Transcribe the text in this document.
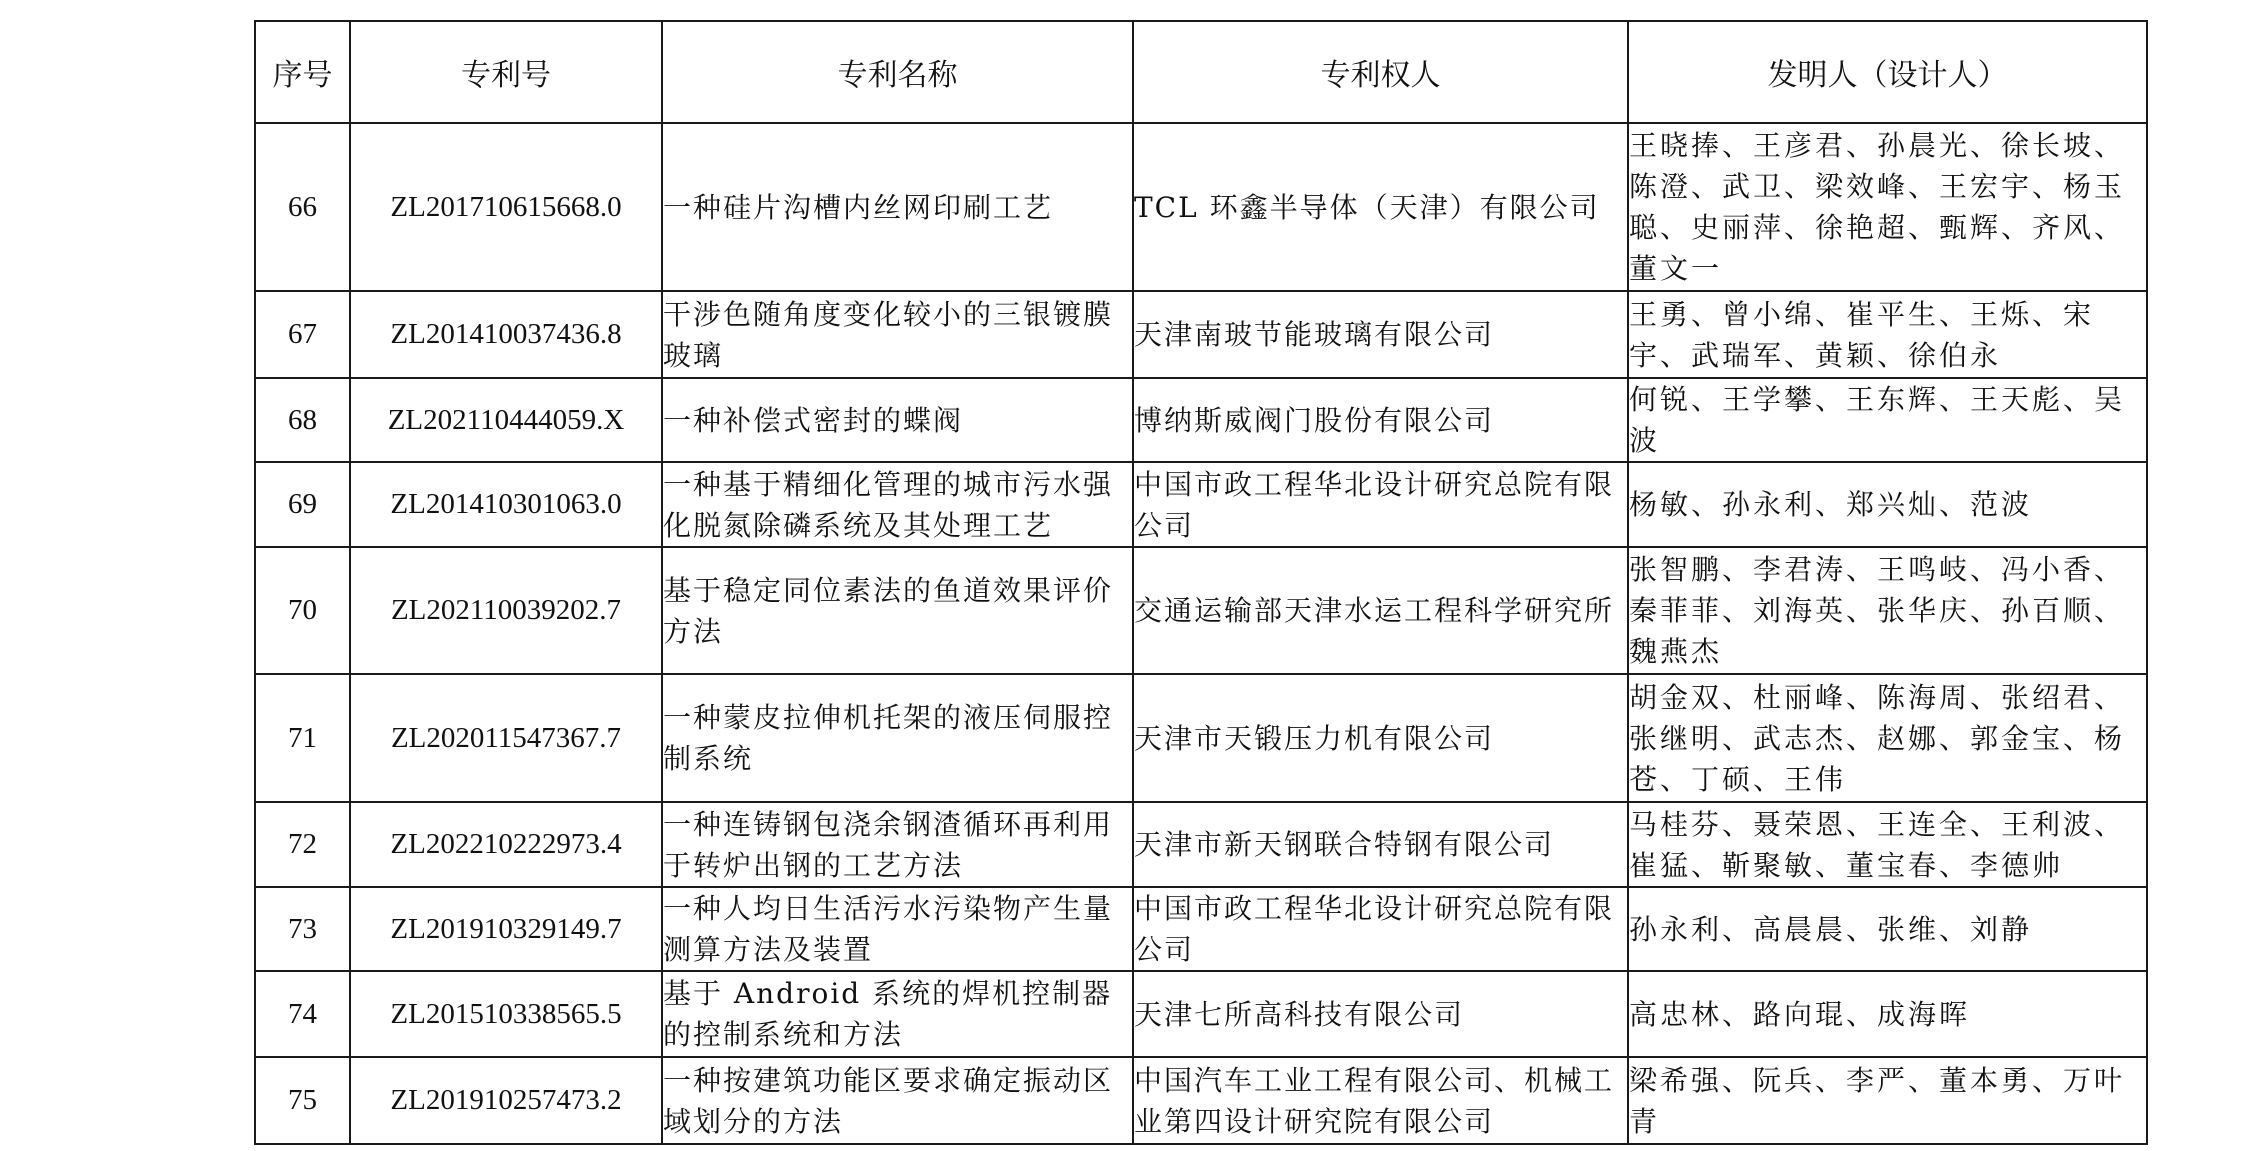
序号	专利号	专利名称	专利权人	发明人（设计人）
66	ZL201710615668.0	一种硅片沟槽内丝网印刷工艺	TCL 环鑫半导体（天津）有限公司	王晓捧、王彦君、孙晨光、徐长坡、陈澄、武卫、梁效峰、王宏宇、杨玉聪、史丽萍、徐艳超、甄辉、齐风、董文一
67	ZL201410037436.8	干涉色随角度变化较小的三银镀膜玻璃	天津南玻节能玻璃有限公司	王勇、曾小绵、崔平生、王烁、宋宇、武瑞军、黄颖、徐伯永
68	ZL202110444059.X	一种补偿式密封的蝶阀	博纳斯威阀门股份有限公司	何锐、王学攀、王东辉、王天彪、吴波
69	ZL201410301063.0	一种基于精细化管理的城市污水强化脱氮除磷系统及其处理工艺	中国市政工程华北设计研究总院有限公司	杨敏、孙永利、郑兴灿、范波
70	ZL202110039202.7	基于稳定同位素法的鱼道效果评价方法	交通运输部天津水运工程科学研究所	张智鹏、李君涛、王鸣岐、冯小香、秦菲菲、刘海英、张华庆、孙百顺、魏燕杰
71	ZL202011547367.7	一种蒙皮拉伸机托架的液压伺服控制系统	天津市天锻压力机有限公司	胡金双、杜丽峰、陈海周、张绍君、张继明、武志杰、赵娜、郭金宝、杨苍、丁硕、王伟
72	ZL202210222973.4	一种连铸钢包浇余钢渣循环再利用于转炉出钢的工艺方法	天津市新天钢联合特钢有限公司	马桂芬、聂荣恩、王连全、王利波、崔猛、靳聚敏、董宝春、李德帅
73	ZL201910329149.7	一种人均日生活污水污染物产生量测算方法及装置	中国市政工程华北设计研究总院有限公司	孙永利、高晨晨、张维、刘静
74	ZL201510338565.5	基于 Android 系统的焊机控制器的控制系统和方法	天津七所高科技有限公司	高忠林、路向琨、成海晖
75	ZL201910257473.2	一种按建筑功能区要求确定振动区域划分的方法	中国汽车工业工程有限公司、机械工业第四设计研究院有限公司	梁希强、阮兵、李严、董本勇、万叶青
